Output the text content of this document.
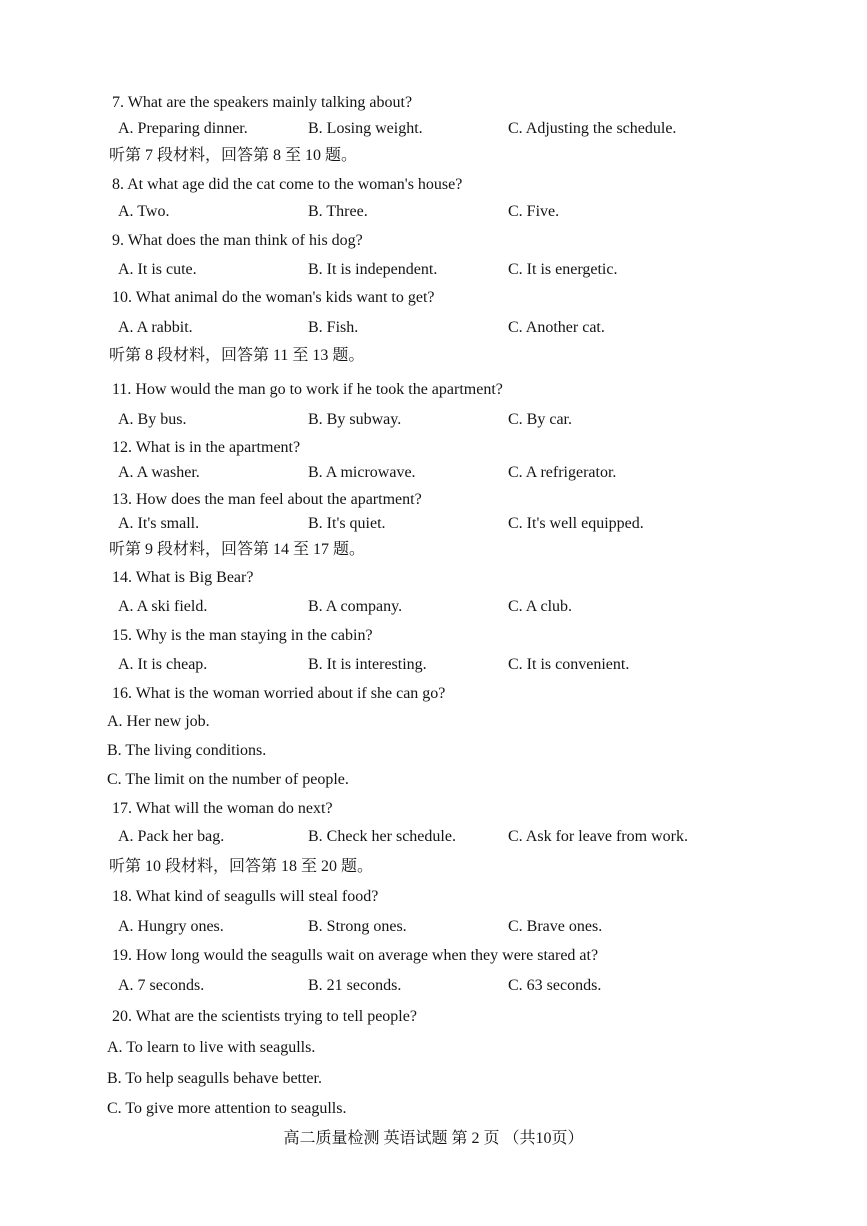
7. What are the speakers mainly talking about?
A. Preparing dinner.	B. Losing weight.	C. Adjusting the schedule.
听第 7 段材料，回答第 8 至 10 题。
8. At what age did the cat come to the woman's house?
A. Two.	B. Three.	C. Five.
9. What does the man think of his dog?
A. It is cute.	B. It is independent.	C. It is energetic.
10. What animal do the woman's kids want to get?
A. A rabbit.	B. Fish.	C. Another cat.
听第 8 段材料，回答第 11 至 13 题。
11. How would the man go to work if he took the apartment?
A. By bus.	B. By subway.	C. By car.
12. What is in the apartment?
A. A washer.	B. A microwave.	C. A refrigerator.
13. How does the man feel about the apartment?
A. It's small.	B. It's quiet.	C. It's well equipped.
听第 9 段材料，回答第 14 至 17 题。
14. What is Big Bear?
A. A ski field.	B. A company.	C. A club.
15. Why is the man staying in the cabin?
A. It is cheap.	B. It is interesting.	C. It is convenient.
16. What is the woman worried about if she can go?
A. Her new job.
B. The living conditions.
C. The limit on the number of people.
17. What will the woman do next?
A. Pack her bag.	B. Check her schedule.	C. Ask for leave from work.
听第 10 段材料，回答第 18 至 20 题。
18. What kind of seagulls will steal food?
A. Hungry ones.	B. Strong ones.	C. Brave ones.
19. How long would the seagulls wait on average when they were stared at?
A. 7 seconds.	B. 21 seconds.	C. 63 seconds.
20. What are the scientists trying to tell people?
A. To learn to live with seagulls.
B. To help seagulls behave better.
C. To give more attention to seagulls.
高二质量检测 英语试题 第 2 页 （共10页）
